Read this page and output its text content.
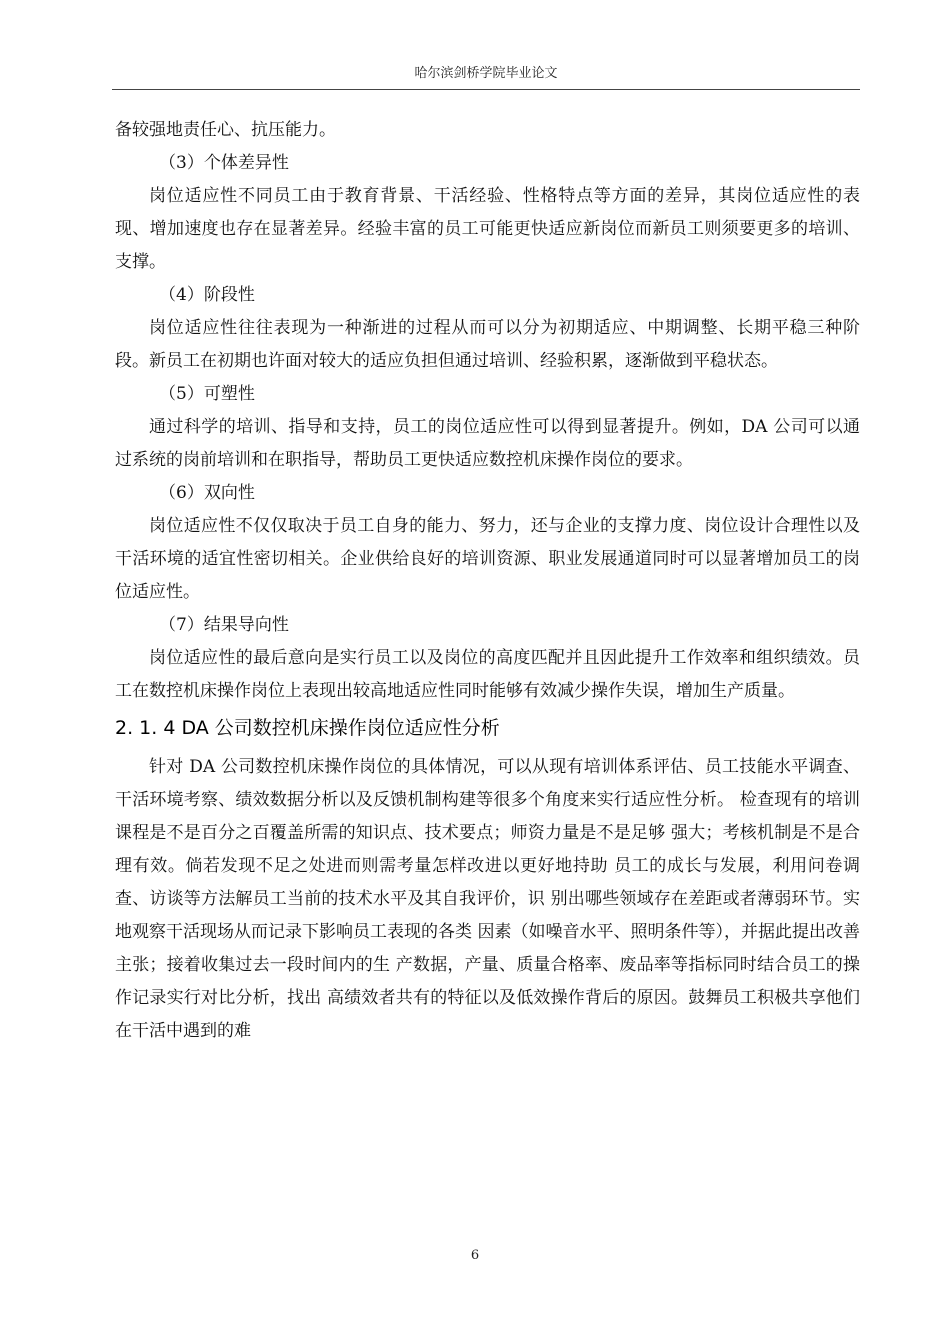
哈尔滨剑桥学院毕业论文

备较强地责任心、抗压能力。

（3）个体差异性

岗位适应性不同员工由于教育背景、干活经验、性格特点等方面的差异，其岗位适应性的表现、增加速度也存在显著差异。经验丰富的员工可能更快适应新岗位而新员工则须要更多的培训、支撑。

（4）阶段性

岗位适应性往往表现为一种渐进的过程从而可以分为初期适应、中期调整、长期平稳三种阶段。新员工在初期也许面对较大的适应负担但通过培训、经验积累，逐渐做到平稳状态。

（5）可塑性

通过科学的培训、指导和支持，员工的岗位适应性可以得到显著提升。例如，DA 公司可以通过系统的岗前培训和在职指导，帮助员工更快适应数控机床操作岗位的要求。

（6）双向性

岗位适应性不仅仅取决于员工自身的能力、努力，还与企业的支撑力度、岗位设计合理性以及干活环境的适宜性密切相关。企业供给良好的培训资源、职业发展通道同时可以显著增加员工的岗位适应性。

（7）结果导向性

岗位适应性的最后意向是实行员工以及岗位的高度匹配并且因此提升工作效率和组织绩效。员工在数控机床操作岗位上表现出较高地适应性同时能够有效减少操作失误，增加生产质量。

2. 1. 4 DA 公司数控机床操作岗位适应性分析

针对 DA 公司数控机床操作岗位的具体情况，可以从现有培训体系评估、员工技能水平调查、干活环境考察、绩效数据分析以及反馈机制构建等很多个角度来实行适应性分析。 检查现有的培训课程是不是百分之百覆盖所需的知识点、技术要点；师资力量是不是足够 强大；考核机制是不是合理有效。倘若发现不足之处进而则需考量怎样改进以更好地持助 员工的成长与发展，利用问卷调查、访谈等方法解员工当前的技术水平及其自我评价，识 别出哪些领域存在差距或者薄弱环节。实地观察干活现场从而记录下影响员工表现的各类 因素（如噪音水平、照明条件等），并据此提出改善主张；接着收集过去一段时间内的生 产数据，产量、质量合格率、废品率等指标同时结合员工的操作记录实行对比分析，找出 高绩效者共有的特征以及低效操作背后的原因。鼓舞员工积极共享他们在干活中遇到的难

6
